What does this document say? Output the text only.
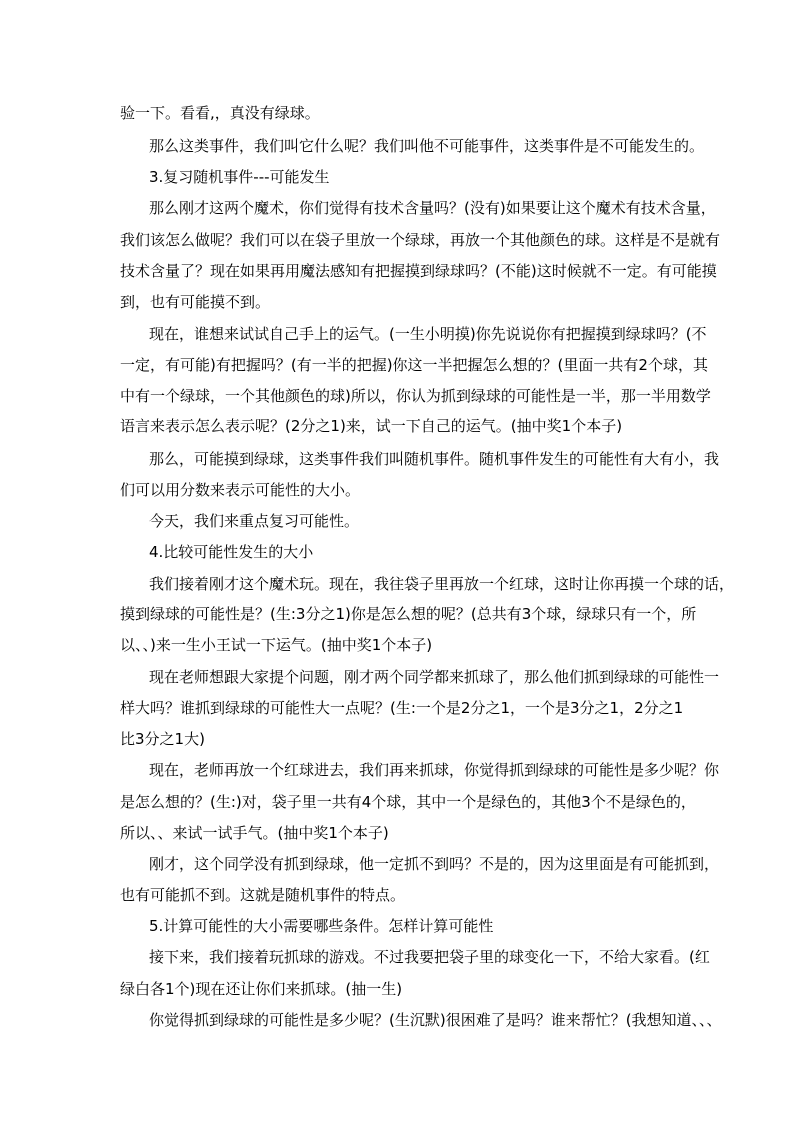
验一下。看看,，真没有绿球。
那么这类事件，我们叫它什么呢？我们叫他不可能事件，这类事件是不可能发生的。
3.复习随机事件---可能发生
那么刚才这两个魔术，你们觉得有技术含量吗？(没有)如果要让这个魔术有技术含量，
我们该怎么做呢？我们可以在袋子里放一个绿球，再放一个其他颜色的球。这样是不是就有
技术含量了？现在如果再用魔法感知有把握摸到绿球吗？(不能)这时候就不一定。有可能摸
到，也有可能摸不到。
现在，谁想来试试自己手上的运气。(一生小明摸)你先说说你有把握摸到绿球吗？(不
一定，有可能)有把握吗？(有一半的把握)你这一半把握怎么想的？(里面一共有2个球，其
中有一个绿球，一个其他颜色的球)所以，你认为抓到绿球的可能性是一半，那一半用数学
语言来表示怎么表示呢？(2分之1)来，试一下自己的运气。(抽中奖1个本子)
那么，可能摸到绿球，这类事件我们叫随机事件。随机事件发生的可能性有大有小，我
们可以用分数来表示可能性的大小。
今天，我们来重点复习可能性。
4.比较可能性发生的大小
我们接着刚才这个魔术玩。现在，我往袋子里再放一个红球，这时让你再摸一个球的话，
摸到绿球的可能性是？(生:3分之1)你是怎么想的呢？(总共有3个球，绿球只有一个，所
以、、)来一生小王试一下运气。(抽中奖1个本子)
现在老师想跟大家提个问题，刚才两个同学都来抓球了，那么他们抓到绿球的可能性一
样大吗？谁抓到绿球的可能性大一点呢？(生:一个是2分之1，一个是3分之1，2分之1
比3分之1大)
现在，老师再放一个红球进去，我们再来抓球，你觉得抓到绿球的可能性是多少呢？你
是怎么想的？(生:)对，袋子里一共有4个球，其中一个是绿色的，其他3个不是绿色的，
所以、、来试一试手气。(抽中奖1个本子)
刚才，这个同学没有抓到绿球，他一定抓不到吗？不是的，因为这里面是有可能抓到，
也有可能抓不到。这就是随机事件的特点。
5.计算可能性的大小需要哪些条件。怎样计算可能性
接下来，我们接着玩抓球的游戏。不过我要把袋子里的球变化一下，不给大家看。(红
绿白各1个)现在还让你们来抓球。(抽一生)
你觉得抓到绿球的可能性是多少呢？(生沉默)很困难了是吗？谁来帮忙？(我想知道、、、
